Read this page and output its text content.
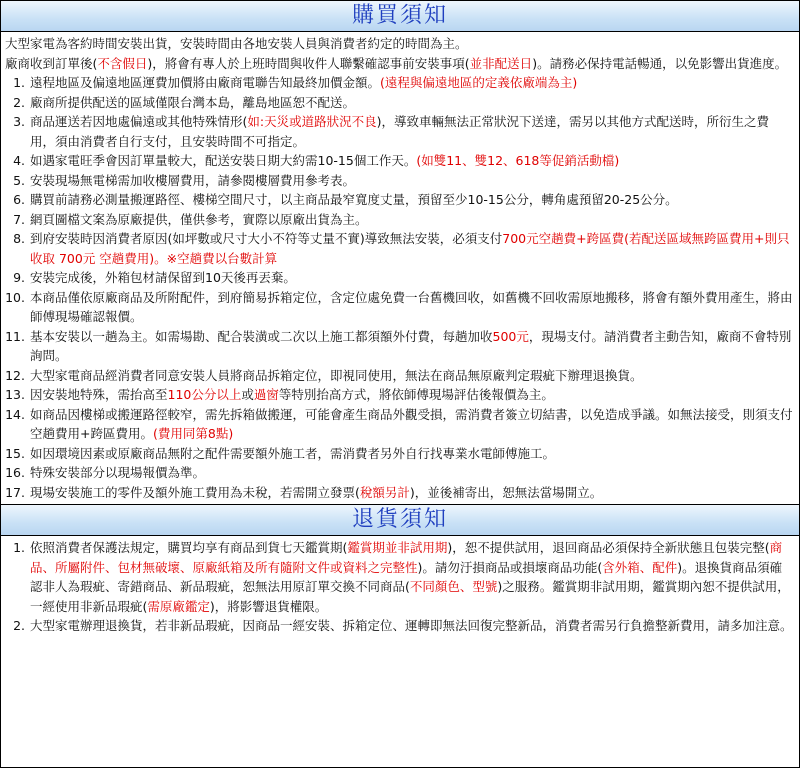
購買須知

大型家電為客約時間安裝出貨，安裝時間由各地安裝人員與消費者約定的時間為主。

廠商收到訂單後(不含假日)，將會有專人於上班時間與收件人聯繫確認事前安裝事項(並非配送日)。請務必保持電話暢通，以免影響出貨進度。

1. 遠程地區及偏遠地區運費加價將由廠商電聯告知最終加價金額。(遠程與偏遠地區的定義依廠端為主)
2. 廠商所提供配送的區域僅限台灣本島，離島地區恕不配送。
3. 商品運送若因地處偏遠或其他特殊情形(如:天災或道路狀況不良)，導致車輛無法正常狀況下送達，需另以其他方式配送時，所衍生之費用，須由消費者自行支付，且安裝時間不可指定。
4. 如遇家電旺季會因訂單量較大，配送安裝日期大約需10-15個工作天。(如雙11、雙12、618等促銷活動檔)
5. 安裝現場無電梯需加收樓層費用，請參閱樓層費用參考表。
6. 購買前請務必測量搬運路徑、樓梯空間尺寸，以主商品最窄寬度丈量，預留至少10-15公分，轉角處預留20-25公分。
7. 網頁圖檔文案為原廠提供，僅供參考，實際以原廠出貨為主。
8. 到府安裝時因消費者原因(如坪數或尺寸大小不符等丈量不實)導致無法安裝，必須支付700元空趟費+跨區費(若配送區域無跨區費用+則只收取 700元 空趟費用)。※空趟費以台數計算
9. 安裝完成後，外箱包材請保留到10天後再丟棄。
10. 本商品僅依原廠商品及所附配件，到府簡易拆箱定位，含定位處免費一台舊機回收，如舊機不回收需原地搬移，將會有額外費用產生，將由師傅現場確認報價。
11. 基本安裝以一趟為主。如需場勘、配合裝潢或二次以上施工都須額外付費，每趟加收500元，現場支付。請消費者主動告知，廠商不會特別詢問。
12. 大型家電商品經消費者同意安裝人員將商品拆箱定位，即視同使用，無法在商品無原廠判定瑕疵下辦理退換貨。
13. 因安裝地特殊，需抬高至110公分以上或過窗等特別抬高方式，將依師傅現場評估後報價為主。
14. 如商品因樓梯或搬運路徑較窄，需先拆箱做搬運，可能會產生商品外觀受損，需消費者簽立切結書，以免造成爭議。如無法接受，則須支付空趟費用+跨區費用。(費用同第8點)
15. 如因環境因素或原廠商品無附之配件需要額外施工者，需消費者另外自行找專業水電師傅施工。
16. 特殊安裝部分以現場報價為準。
17. 現場安裝施工的零件及額外施工費用為未稅，若需開立發票(稅額另計)，並後補寄出，恕無法當場開立。
退貨須知
1. 依照消費者保護法規定，購買均享有商品到貨七天鑑賞期(鑑賞期並非試用期)，恕不提供試用，退回商品必須保持全新狀態且包裝完整(商品、所屬附件、包材無破壞、原廠紙箱及所有隨附文件或資料之完整性)。請勿汙損商品或損壞商品功能(含外箱、配件)。退換貨商品須確認非人為瑕疵、寄錯商品、新品瑕疵，恕無法用原訂單交換不同商品(不同顏色、型號)之服務。鑑賞期非試用期，鑑賞期內恕不提供試用，一經使用非新品瑕疵(需原廠鑑定)，將影響退貨權限。
2. 大型家電辦理退換貨，若非新品瑕疵，因商品一經安裝、拆箱定位、運轉即無法回復完整新品，消費者需另行負擔整新費用，請多加注意。
